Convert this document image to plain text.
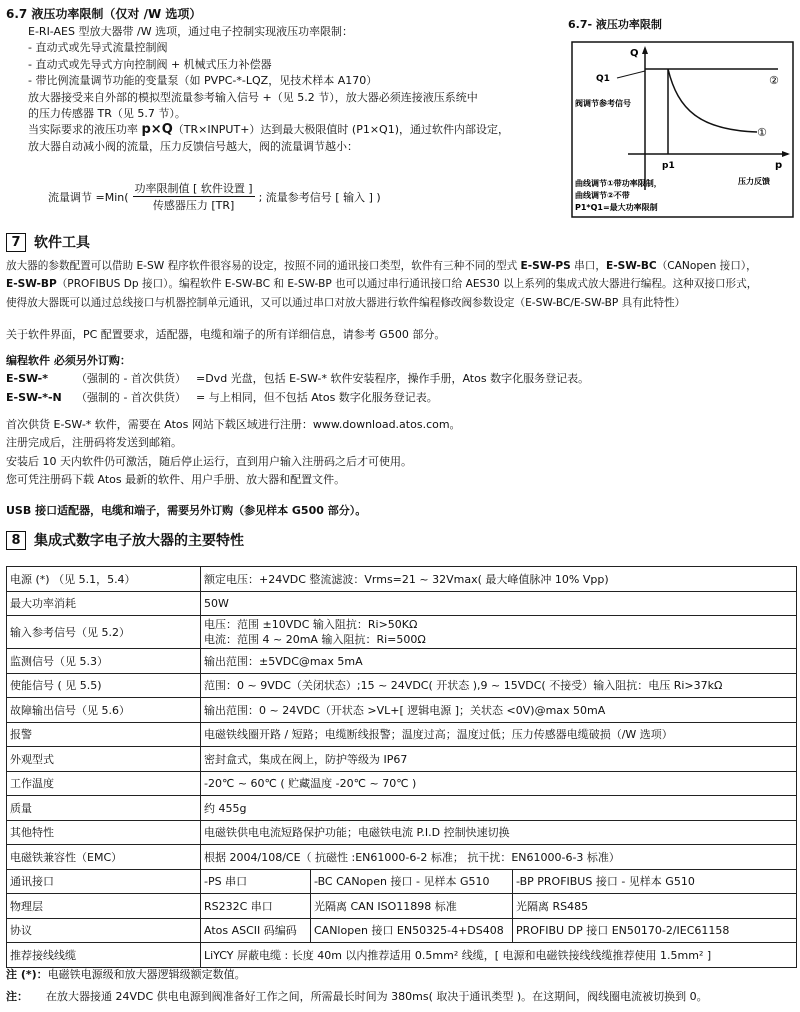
6.7 液压功率限制（仅对 /W 选项）
E-RI-AES 型放大器带 /W 选项，通过电子控制实现液压功率限制：
- 直动式或先导式流量控制阀
- 直动式或先导式方向控制阀 + 机械式压力补偿器
- 带比例流量调节功能的变量泵（如 PVPC-*-LQZ，见技术样本 A170）
放大器接受来自外部的模拟型流量参考输入信号 +（见 5.2 节），放大器必须连接液压系统中
的压力传感器 TR（见 5.7 节）。
当实际要求的液压功率 p×Q（TR×INPUT+）达到最大极限值时 (P1×Q1)，通过软件内部设定，
放大器自动减小阀的流量，压力反馈信号越大，阀的流量调节越小：
流量调节 $=Min( \frac{\text{功率限制值 [ 软件设置 ]}}{\text{传感器压力 [TR]}}$ ; 流量参考信号 [ 输入 ] )
6.7- 液压功率限制
Q
Q1
阀调节参考信号
②
①
p1	p
压力反馈
曲线调节①带功率限制，
曲线调节②不带
P1*Q1=最大功率限制
7 软件工具
放大器的参数配置可以借助 E-SW 程序软件很容易的设定，按照不同的通讯接口类型，软件有三种不同的型式 E-SW-PS 串口，E-SW-BC（CANopen 接口），
E-SW-BP（PROFIBUS Dp 接口）。编程软件 E-SW-BC 和 E-SW-BP 也可以通过串行通讯接口给 AES30 以上系列的集成式放大器进行编程。这种双接口形式，
使得放大器既可以通过总线接口与机器控制单元通讯，又可以通过串口对放大器进行软件编程修改阀参数设定（E-SW-BC/E-SW-BP 具有此特性）
关于软件界面，PC 配置要求，适配器，电缆和端子的所有详细信息，请参考 G500 部分。
编程软件 必须另外订购：
E-SW-*	（强制的 - 首次供货） =Dvd 光盘，包括 E-SW-* 软件安装程序，操作手册，Atos 数字化服务登记表。
E-SW-*-N （强制的 - 首次供货） = 与上相同，但不包括 Atos 数字化服务登记表。
首次供货 E-SW-* 软件，需要在 Atos 网站下载区域进行注册：www.download.atos.com。
注册完成后，注册码将发送到邮箱。
安装后 10 天内软件仍可激活，随后停止运行，直到用户输入注册码之后才可使用。
您可凭注册码下载 Atos 最新的软件、用户手册、放大器和配置文件。
USB 接口适配器，电缆和端子，需要另外订购（参见样本 G500 部分）。
8 集成式数字电子放大器的主要特性
电源 (*) （见 5.1，5.4）	额定电压：+24VDC 整流滤波：Vrms=21 ~ 32Vmax( 最大峰值脉冲 10% Vpp)		
最大功率消耗	50W		
输入参考信号（见 5.2）	电压：范围 ±10VDC 输入阻抗：Ri>50KΩ
电流：范围 4 ~ 20mA 输入阻抗：Ri=500Ω		

监测信号（见 5.3）	输出范围：±5VDC@max 5mA		
使能信号 ( 见 5.5)	范围：0 ~ 9VDC（关闭状态）;15 ~ 24VDC( 开状态 ),9 ~ 15VDC( 不接受）输入阻抗：电压 Ri>37kΩ		
故障输出信号（见 5.6）	输出范围：0 ~ 24VDC（开状态 >VL+[ 逻辑电源 ]；关状态 <0V)@max 50mA		
报警	电磁铁线圈开路 / 短路；电缆断线报警；温度过高；温度过低；压力传感器电缆破损（/W 选项）		
外观型式	密封盒式，集成在阀上，防护等级为 IP67		
工作温度	-20℃ ~ 60℃ ( 贮藏温度 -20℃ ~ 70℃ )		
质量	约 455g		
其他特性	电磁铁供电电流短路保护功能；电磁铁电流 P.I.D 控制快速切换		
电磁铁兼容性（EMC）	根据 2004/108/CE（ 抗磁性 :EN61000-6-2 标准； 抗干扰：EN61000-6-3 标准）		
通讯接口	-PS 串口	-BC CANopen 接口 - 见样本 G510	-BP PROFIBUS 接口 - 见样本 G510
物理层	RS232C 串口	光隔离 CAN ISO11898 标准	光隔离 RS485
协议	Atos ASCII 码编码	CANlopen 接口 EN50325-4+DS408	PROFIBU DP 接口 EN50170-2/IEC61158
推荐接线线缆	LiYCY 屏蔽电缆 : 长度 40m 以内推荐适用 0.5mm² 线缆，[ 电源和电磁铁接线线缆推荐使用 1.5mm² ]		
注 (*)：电磁铁电源级和放大器逻辑级额定数值。
注： 在放大器接通 24VDC 供电电源到阀准备好工作之间，所需最长时间为 380ms( 取决于通讯类型 )。在这期间，阀线圈电流被切换到 0。
